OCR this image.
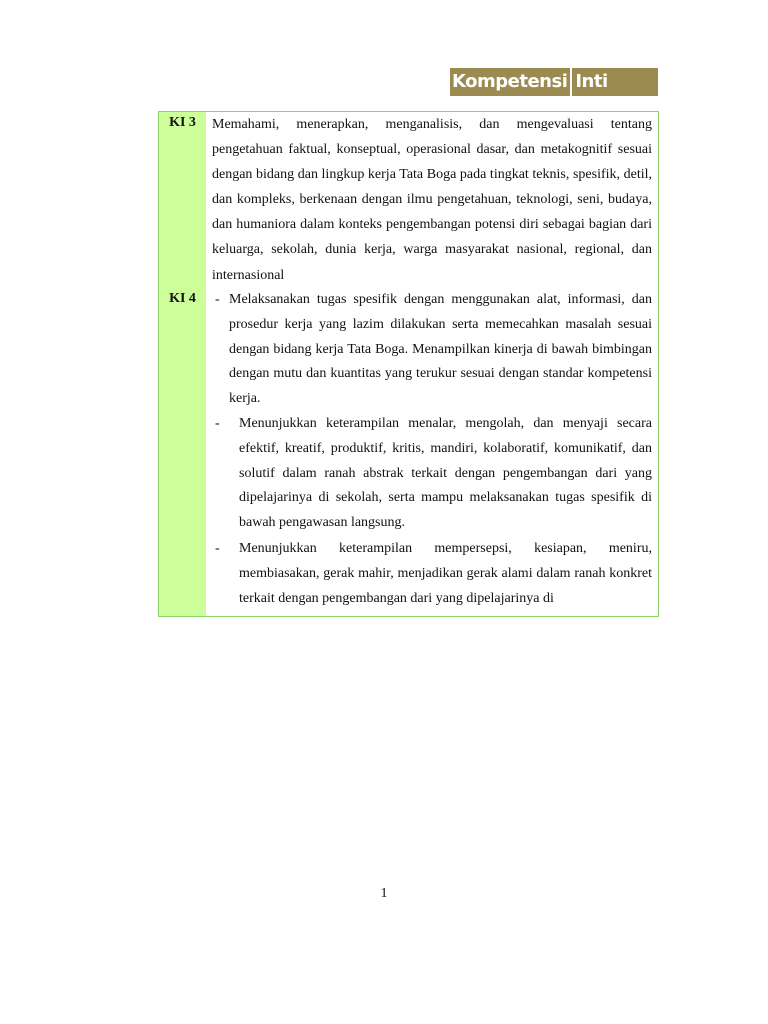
Kompetensi Inti
KI 3	Memahami, menerapkan, menganalisis, dan mengevaluasi tentang pengetahuan faktual, konseptual, operasional dasar, dan metakognitif sesuai dengan bidang dan lingkup kerja Tata Boga pada tingkat teknis, spesifik, detil, dan kompleks, berkenaan dengan ilmu pengetahuan, teknologi, seni, budaya, dan humaniora dalam konteks pengembangan potensi diri sebagai bagian dari keluarga, sekolah, dunia kerja, warga masyarakat nasional, regional, dan internasional

KI 4	- Melaksanakan tugas spesifik dengan menggunakan alat, informasi, dan prosedur kerja yang lazim dilakukan serta memecahkan masalah sesuai dengan bidang kerja Tata Boga. Menampilkan kinerja di bawah bimbingan dengan mutu dan kuantitas yang terukur sesuai dengan standar kompetensi kerja.

- Menunjukkan keterampilan menalar, mengolah, dan menyaji secara efektif, kreatif, produktif, kritis, mandiri, kolaboratif, komunikatif, dan solutif dalam ranah abstrak terkait dengan pengembangan dari yang dipelajarinya di sekolah, serta mampu melaksanakan tugas spesifik di bawah pengawasan langsung.

- Menunjukkan keterampilan mempersepsi, kesiapan, meniru, membiasakan, gerak mahir, menjadikan gerak alami dalam ranah konkret terkait dengan pengembangan dari yang dipelajarinya di

1
